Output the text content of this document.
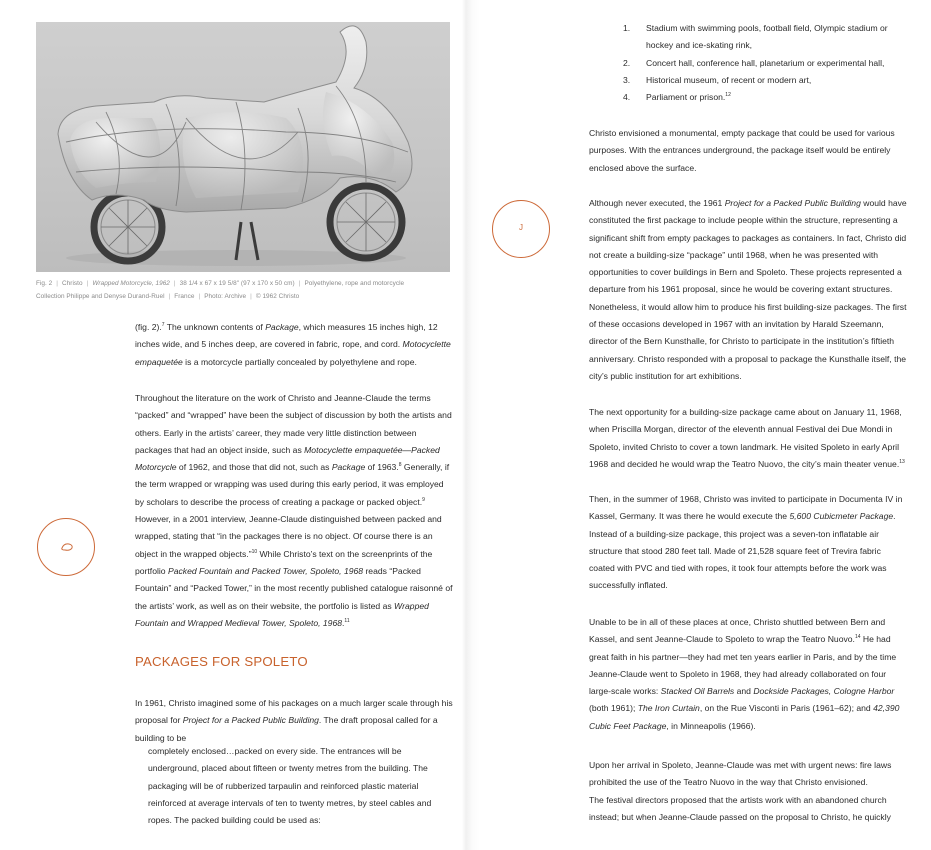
Fig. 2 | Christo | Wrapped Motorcycle, 1962 | 38 1/4 x 67 x 19 5/8" (97 x 170 x 50 cm) | Polyethylene, rope and motorcycle
Collection Philippe and Denyse Durand-Ruel | France | Photo: Archive | © 1962 Christo

(fig. 2).$^7$ The unknown contents of Package, which measures 15 inches high, 12 inches wide, and 5 inches deep, are covered in fabric, rope, and cord. Motocyclette empaquetée is a motorcycle partially concealed by polyethylene and rope.

Throughout the literature on the work of Christo and Jeanne-Claude the terms “packed” and “wrapped” have been the subject of discussion by both the artists and others. Early in the artists’ career, they made very little distinction between packages that had an object inside, such as Motocyclette empaquetée—Packed Motorcycle of 1962, and those that did not, such as Package of 1963.$^8$ Generally, if the term wrapped or wrapping was used during this early period, it was employed by scholars to describe the process of creating a package or packed object.$^9$ However, in a 2001 interview, Jeanne-Claude distinguished between packed and wrapped, stating that “in the packages there is no object. Of course there is an object in the wrapped objects.”$^{10}$ While Christo’s text on the screenprints of the portfolio Packed Fountain and Packed Tower, Spoleto, 1968 reads “Packed Fountain” and “Packed Tower,” in the most recently published catalogue raisonné of the artists’ work, as well as on their website, the portfolio is listed as Wrapped Fountain and Wrapped Medieval Tower, Spoleto, 1968.11

PACKAGES FOR SPOLETO

In 1961, Christo imagined some of his packages on a much larger scale through his proposal for Project for a Packed Public Building. The draft proposal called for a building to be

completely enclosed…packed on every side. The entrances will be underground, placed about fifteen or twenty metres from the building. The packaging will be of rubberized tarpaulin and reinforced plastic material reinforced at average intervals of ten to twenty metres, by steel cables and ropes. The packed building could be used as:

1. Stadium with swimming pools, football field, Olympic stadium or hockey and ice-skating rink,
2. Concert hall, conference hall, planetarium or experimental hall,
3. Historical museum, of recent or modern art,
4. Parliament or prison.$^{12}$

Christo envisioned a monumental, empty package that could be used for various purposes. With the entrances underground, the package itself would be entirely enclosed above the surface.

Although never executed, the 1961 Project for a Packed Public Building would have constituted the first package to include people within the structure, representing a significant shift from empty packages to packages as containers. In fact, Christo did not create a building-size “package” until 1968, when he was presented with opportunities to cover buildings in Bern and Spoleto. These projects represented a departure from his 1961 proposal, since he would be covering extant structures. Nonetheless, it would allow him to produce his first building-size packages. The first of these occasions developed in 1967 with an invitation by Harald Szeemann, director of the Bern Kunsthalle, for Christo to participate in the institution’s fiftieth anniversary. Christo responded with a proposal to package the Kunsthalle itself, the city’s public institution for art exhibitions.

The next opportunity for a building-size package came about on January 11, 1968, when Priscilla Morgan, director of the eleventh annual Festival dei Due Mondi in Spoleto, invited Christo to cover a town landmark. He visited Spoleto in early April 1968 and decided he would wrap the Teatro Nuovo, the city’s main theater venue.$^{13}$

Then, in the summer of 1968, Christo was invited to participate in Documenta IV in Kassel, Germany. It was there he would execute the 5,600 Cubicmeter Package. Instead of a building-size package, this project was a seven-ton inflatable air structure that stood 280 feet tall. Made of 21,528 square feet of Trevira fabric coated with PVC and tied with ropes, it took four attempts before the work was successfully inflated.

Unable to be in all of these places at once, Christo shuttled between Bern and Kassel, and sent Jeanne-Claude to Spoleto to wrap the Teatro Nuovo.$^{14}$ He had great faith in his partner—they had met ten years earlier in Paris, and by the time Jeanne-Claude went to Spoleto in 1968, they had already collaborated on four large-scale works: Stacked Oil Barrels and Dockside Packages, Cologne Harbor (both 1961); The Iron Curtain, on the Rue Visconti in Paris (1961–62); and 42,390 Cubic Feet Package, in Minneapolis (1966).

Upon her arrival in Spoleto, Jeanne-Claude was met with urgent news: fire laws prohibited the use of the Teatro Nuovo in the way that Christo envisioned.
The festival directors proposed that the artists work with an abandoned church instead; but when Jeanne-Claude passed on the proposal to Christo, he quickly

J
